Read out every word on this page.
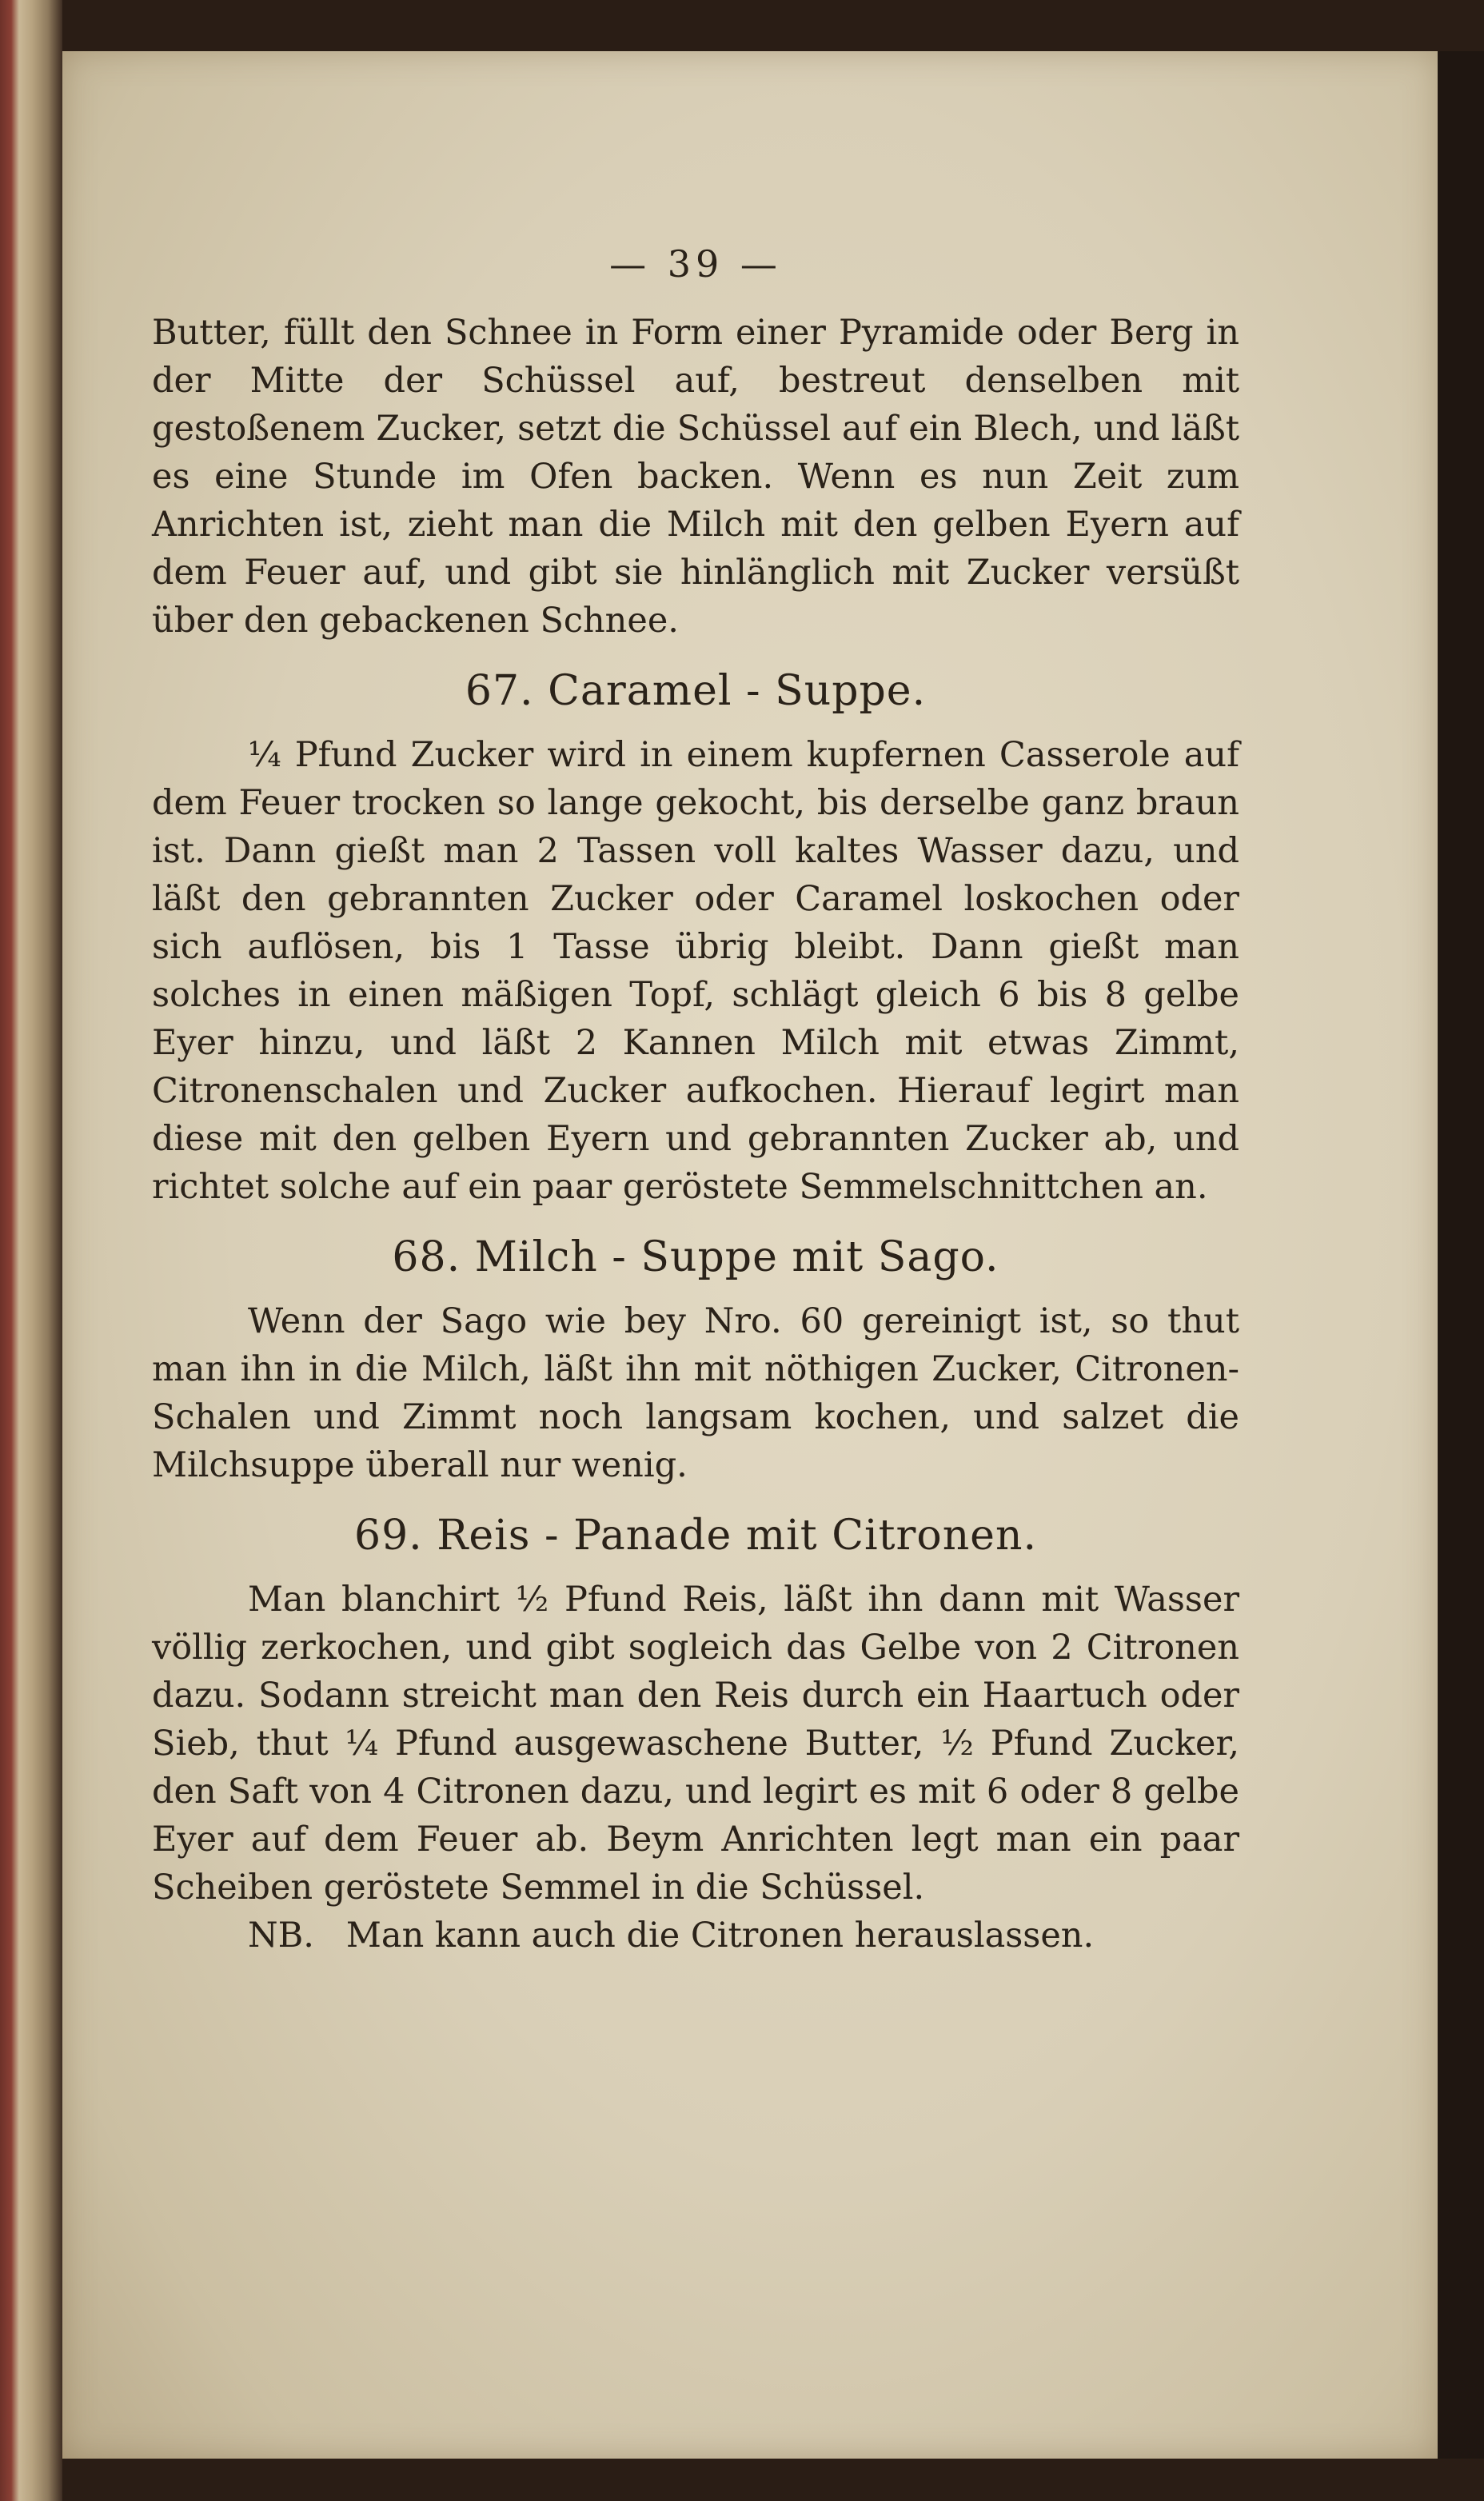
— 39 —

Butter, füllt den Schnee in Form einer Pyramide oder Berg in der Mitte der Schüssel auf, bestreut denselben mit gestoßenem Zucker, setzt die Schüssel auf ein Blech, und läßt es eine Stunde im Ofen backen. Wenn es nun Zeit zum Anrichten ist, zieht man die Milch mit den gelben Eyern auf dem Feuer auf, und gibt sie hinlänglich mit Zucker versüßt über den gebackenen Schnee.

67. Caramel - Suppe.

¼ Pfund Zucker wird in einem kupfernen Casserole auf dem Feuer trocken so lange gekocht, bis derselbe ganz braun ist. Dann gießt man 2 Tassen voll kaltes Wasser dazu, und läßt den gebrannten Zucker oder Caramel loskochen oder sich auflösen, bis 1 Tasse übrig bleibt. Dann gießt man solches in einen mäßigen Topf, schlägt gleich 6 bis 8 gelbe Eyer hinzu, und läßt 2 Kannen Milch mit etwas Zimmt, Citronenschalen und Zucker aufkochen. Hierauf legirt man diese mit den gelben Eyern und gebrannten Zucker ab, und richtet solche auf ein paar geröstete Semmelschnittchen an.

68. Milch - Suppe mit Sago.

Wenn der Sago wie bey Nro. 60 gereinigt ist, so thut man ihn in die Milch, läßt ihn mit nöthigen Zucker, Citronen-Schalen und Zimmt noch langsam kochen, und salzet die Milchsuppe überall nur wenig.

69. Reis - Panade mit Citronen.

Man blanchirt ½ Pfund Reis, läßt ihn dann mit Wasser völlig zerkochen, und gibt sogleich das Gelbe von 2 Citronen dazu. Sodann streicht man den Reis durch ein Haartuch oder Sieb, thut ¼ Pfund ausgewaschene Butter, ½ Pfund Zucker, den Saft von 4 Citronen dazu, und legirt es mit 6 oder 8 gelbe Eyer auf dem Feuer ab. Beym Anrichten legt man ein paar Scheiben geröstete Semmel in die Schüssel.

NB. Man kann auch die Citronen herauslassen.
